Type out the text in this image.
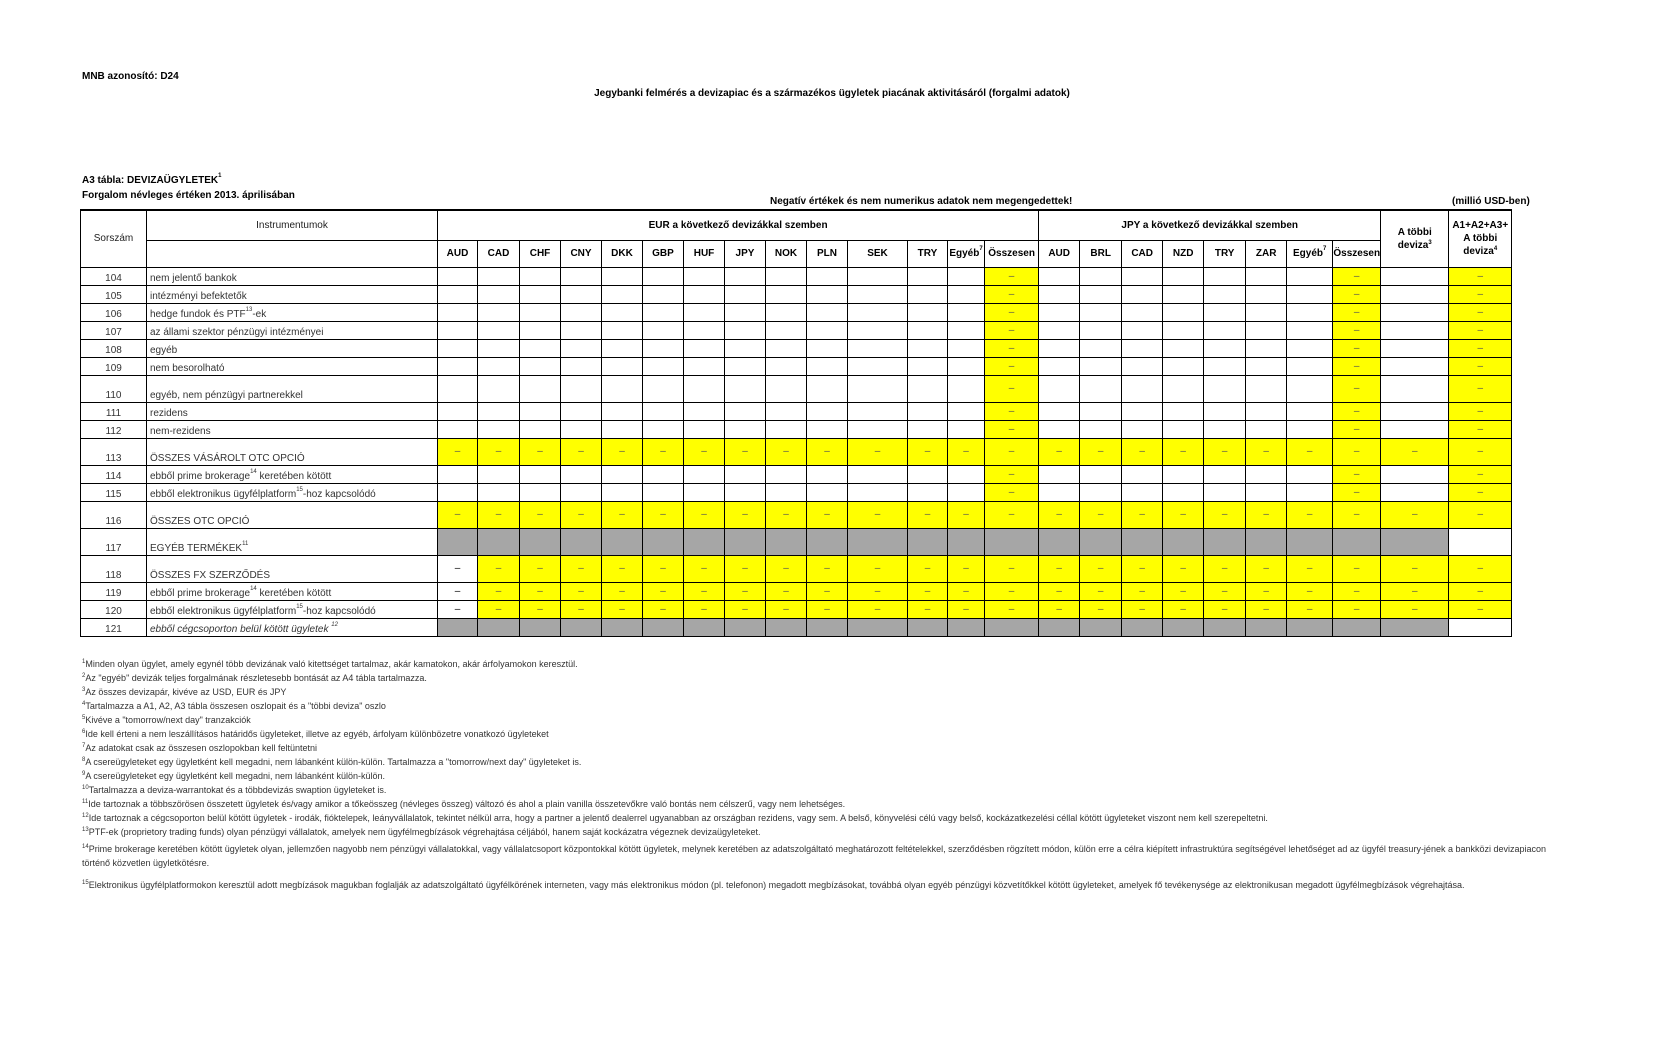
MNB azonosító: D24
Jegybanki felmérés a devizapiac és a származékos ügyletek piacának aktivitásáról (forgalmi adatok)
A3 tábla: DEVIZAÜGYLETEK$^1$
Forgalom névleges értéken 2013. áprilisában
Negatív értékek és nem numerikus adatok nem megengedettek!	(millió USD-ben)
Sorszám	Instrumentumok	EUR a következő devizákkal szemben														JPY a következő devizákkal szemben								A többi deviza$^3$	A1+A2+A3+ A többi deviza$^4$
		AUD	CAD	CHF	CNY	DKK	GBP	HUF	JPY	NOK	PLN	SEK	TRY	Egyéb$^7$	Összesen	AUD	BRL	CAD	NZD	TRY	ZAR	Egyéb$^7$	Összesen		
104	nem jelentő bankok														–								–		–
105	intézményi befektetők														–								–		–
106	hedge fundok és PTF$^{13}$-ek														–								–		–
107	az állami szektor pénzügyi intézményei														–								–		–
108	egyéb														–								–		–
109	nem besorolható														–								–		–
110	egyéb, nem pénzügyi partnerekkel														–								–		–
111	rezidens														–								–		–
112	nem-rezidens														–								–		–
113	ÖSSZES VÁSÁROLT OTC OPCIÓ	–	–	–	–	–	–	–	–	–	–	–	–	–	–	–	–	–	–	–	–	–	–	–	–
114	ebből prime brokerage$^{14}$ keretében kötött														–								–		–
115	ebből elektronikus ügyfélplatform$^{15}$-hoz kapcsolódó														–								–		–
116	ÖSSZES OTC OPCIÓ	–	–	–	–	–	–	–	–	–	–	–	–	–	–	–	–	–	–	–	–	–	–	–	–
117	EGYÉB TERMÉKEK$^{11}$																								
118	ÖSSZES FX SZERZŐDÉS	–	–	–	–	–	–	–	–	–	–	–	–	–	–	–	–	–	–	–	–	–	–	–	–
119	ebből prime brokerage$^{14}$ keretében kötött	–	–	–	–	–	–	–	–	–	–	–	–	–	–	–	–	–	–	–	–	–	–	–	–
120	ebből elektronikus ügyfélplatform$^{15}$-hoz kapcsolódó	–	–	–	–	–	–	–	–	–	–	–	–	–	–	–	–	–	–	–	–	–	–	–	–
121	ebből cégcsoporton belül kötött ügyletek $^{12}$																								
$^1$Minden olyan ügylet, amely egynél több devizának való kitettséget tartalmaz, akár kamatokon, akár árfolyamokon keresztül.
$^2$Az "egyéb" devizák teljes forgalmának részletesebb bontását az A4 tábla tartalmazza.
$^3$Az összes devizapár, kivéve az USD, EUR és JPY
$^4$Tartalmazza a A1, A2, A3 tábla összesen oszlopait és a "többi deviza" oszlo
$^5$Kivéve a "tomorrow/next day" tranzakciók
$^6$Ide kell érteni a nem leszállításos határidős ügyleteket, illetve az egyéb, árfolyam különbözetre vonatkozó ügyleteket
$^7$Az adatokat csak az összesen oszlopokban kell feltüntetni
$^8$A csereügyleteket egy ügyletként kell megadni, nem lábanként külön-külön. Tartalmazza a "tomorrow/next day" ügyleteket is.
$^9$A csereügyleteket egy ügyletként kell megadni, nem lábanként külön-külön.
$^{10}$Tartalmazza a deviza-warrantokat és a többdevizás swaption ügyleteket is.
$^{11}$Ide tartoznak a többszörösen összetett ügyletek és/vagy amikor a tőkeösszeg (névleges összeg) változó és ahol a plain vanilla összetevőkre való bontás nem célszerű, vagy nem lehetséges.
$^{12}$Ide tartoznak a cégcsoporton belül kötött ügyletek - irodák, fióktelepek, leányvállalatok, tekintet nélkül arra, hogy a partner a jelentő dealerrel ugyanabban az országban rezidens, vagy sem. A belső, könyvelési célú vagy belső, kockázatkezelési céllal kötött ügyleteket viszont nem kell szerepeltetni.
$^{13}$PTF-ek (proprietory trading funds) olyan pénzügyi vállalatok, amelyek nem ügyfélmegbízások végrehajtása céljából, hanem saját kockázatra végeznek devizaügyleteket.
$^{14}$Prime brokerage keretében kötött ügyletek olyan, jellemzően nagyobb nem pénzügyi vállalatokkal, vagy vállalatcsoport központokkal kötött ügyletek, melynek keretében az adatszolgáltató meghatározott feltételekkel, szerződésben rögzített módon, külön erre a célra kiépített infrastruktúra segítségével lehetőséget ad az ügyfél treasury-jének a bankközi devizapiacon történő közvetlen ügyletkötésre.
$^{15}$Elektronikus ügyfélplatformokon keresztül adott megbízások magukban foglalják az adatszolgáltató ügyfélkörének interneten, vagy más elektronikus módon (pl. telefonon) megadott megbízásokat, továbbá olyan egyéb pénzügyi közvetítőkkel kötött ügyleteket, amelyek fő tevékenysége az elektronikusan megadott ügyfélmegbízások végrehajtása.
